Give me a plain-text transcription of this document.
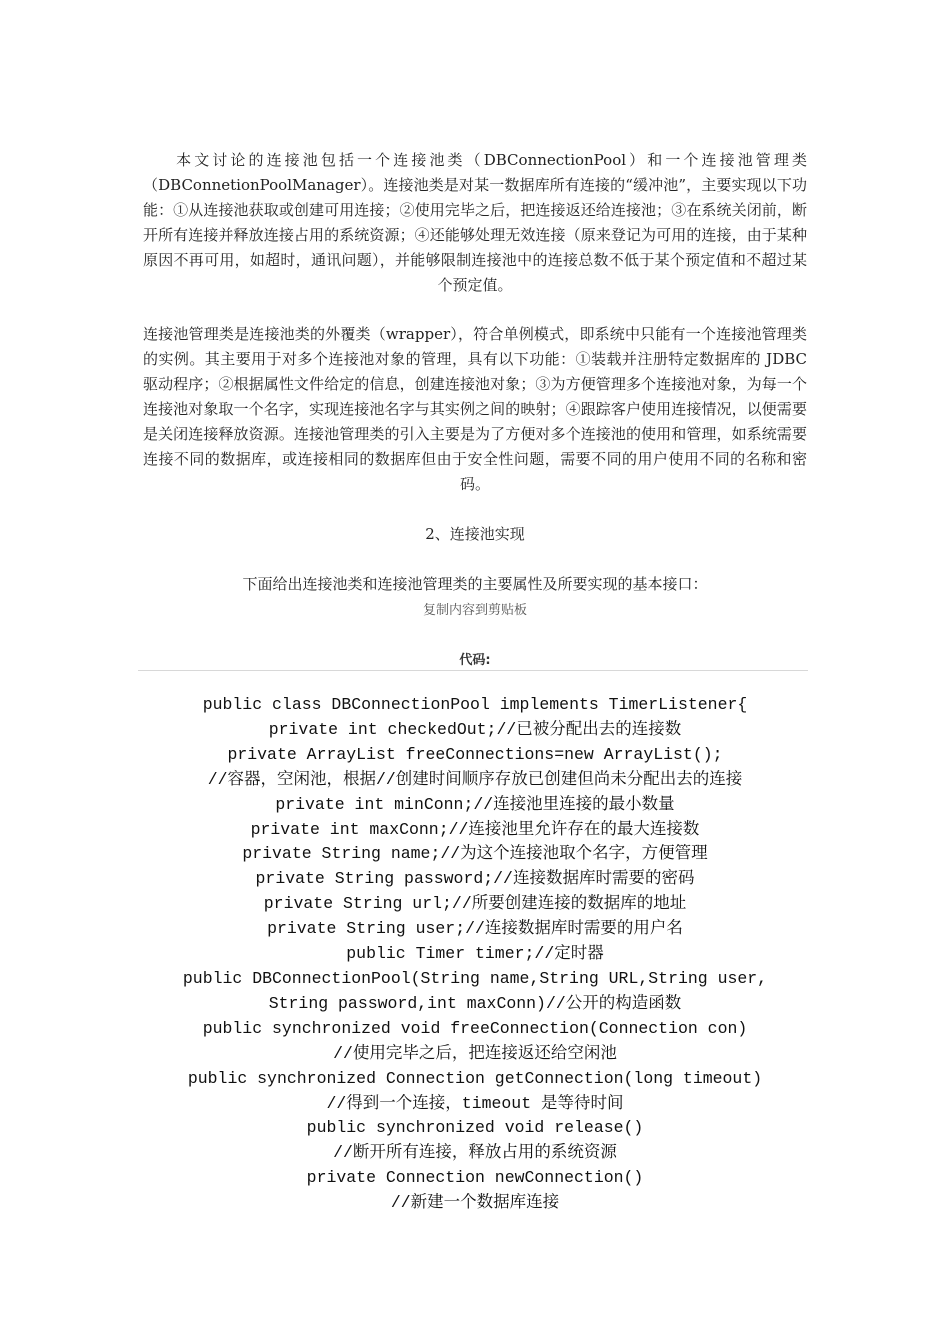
本文讨论的连接池包括一个连接池类（DBConnectionPool）和一个连接池管理类（DBConnetionPoolManager）。连接池类是对某一数据库所有连接的“缓冲池”，主要实现以下功能：①从连接池获取或创建可用连接；②使用完毕之后，把连接返还给连接池；③在系统关闭前，断开所有连接并释放连接占用的系统资源；④还能够处理无效连接（原来登记为可用的连接，由于某种原因不再可用，如超时，通讯问题），并能够限制连接池中的连接总数不低于某个预定值和不超过某个预定值。

连接池管理类是连接池类的外覆类（wrapper），符合单例模式，即系统中只能有一个连接池管理类的实例。其主要用于对多个连接池对象的管理，具有以下功能：①装载并注册特定数据库的 JDBC 驱动程序；②根据属性文件给定的信息，创建连接池对象；③为方便管理多个连接池对象，为每一个连接池对象取一个名字，实现连接池名字与其实例之间的映射；④跟踪客户使用连接情况，以便需要是关闭连接释放资源。连接池管理类的引入主要是为了方便对多个连接池的使用和管理，如系统需要连接不同的数据库，或连接相同的数据库但由于安全性问题，需要不同的用户使用不同的名称和密码。

2、连接池实现

下面给出连接池类和连接池管理类的主要属性及所要实现的基本接口：

复制内容到剪贴板

代码:

public class DBConnectionPool implements TimerListener{
private int checkedOut;//已被分配出去的连接数
private ArrayList freeConnections=new ArrayList();
//容器，空闲池，根据//创建时间顺序存放已创建但尚未分配出去的连接
private int minConn;//连接池里连接的最小数量
private int maxConn;//连接池里允许存在的最大连接数
private String name;//为这个连接池取个名字，方便管理
private String password;//连接数据库时需要的密码
private String url;//所要创建连接的数据库的地址
private String user;//连接数据库时需要的用户名
public Timer timer;//定时器
public DBConnectionPool(String name,String URL,String user,
String password,int maxConn)//公开的构造函数
public synchronized void freeConnection(Connection con)
//使用完毕之后，把连接返还给空闲池
public synchronized Connection getConnection(long timeout)
//得到一个连接，timeout 是等待时间
public synchronized void release()
//断开所有连接，释放占用的系统资源
private Connection newConnection()
//新建一个数据库连接
